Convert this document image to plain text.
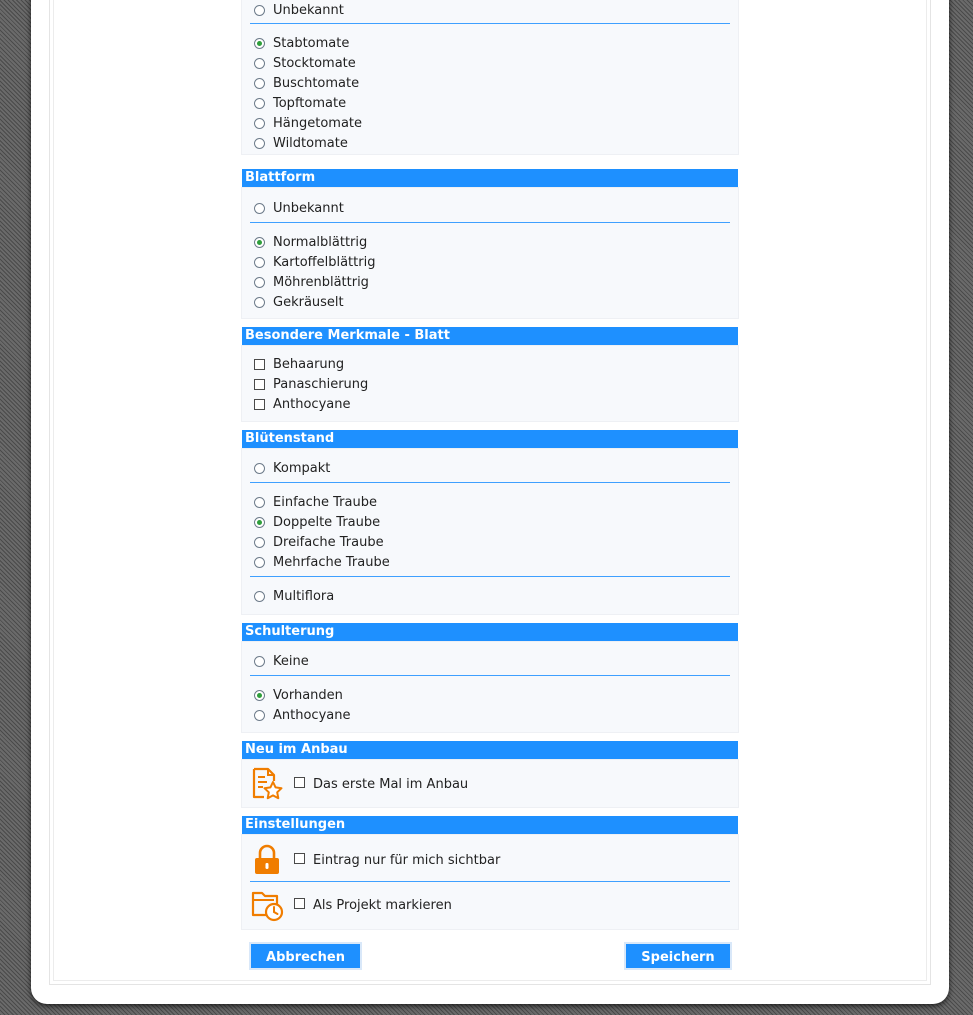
Unbekannt
Stabtomate
Stocktomate
Buschtomate
Topftomate
Hängetomate
Wildtomate
Blattform
Unbekannt
Normalblättrig
Kartoffelblättrig
Möhrenblättrig
Gekräuselt
Besondere Merkmale - Blatt
Behaarung
Panaschierung
Anthocyane
Blütenstand
Kompakt
Einfache Traube
Doppelte Traube
Dreifache Traube
Mehrfache Traube
Multiflora
Schulterung
Keine
Vorhanden
Anthocyane
Neu im Anbau
Das erste Mal im Anbau
Einstellungen
Eintrag nur für mich sichtbar
Als Projekt markieren
Abbrechen	Speichern
